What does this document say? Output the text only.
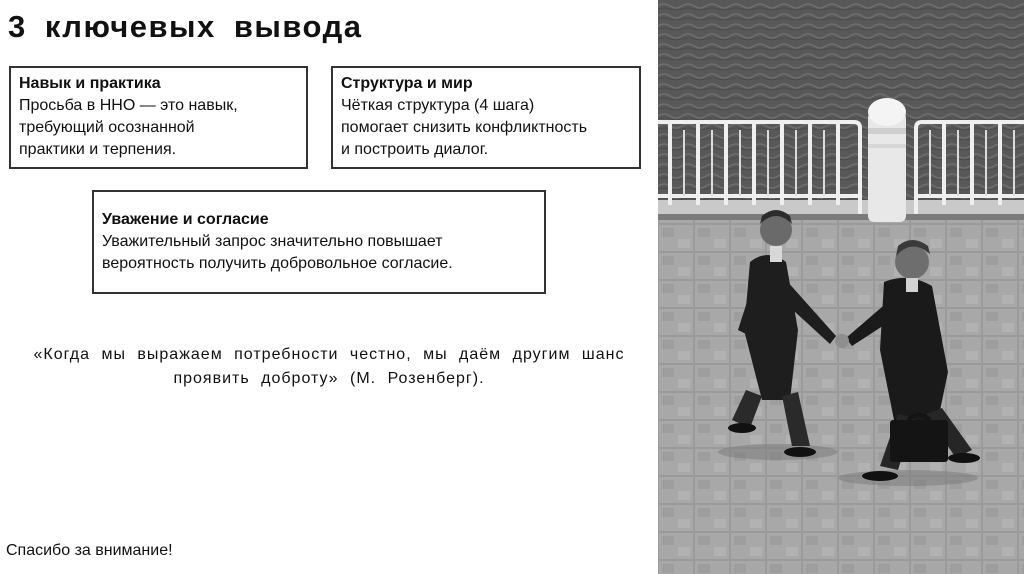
3 ключевых вывода
Навык и практика
Просьба в ННО — это навык,
требующий осознанной
практики и терпения.
Структура и мир
Чёткая структура (4 шага)
помогает снизить конфликтность
и построить диалог.
Уважение и согласие
Уважительный запрос значительно повышает
вероятность получить добровольное согласие.
«Когда мы выражаем потребности честно, мы даём другим шанс
проявить доброту» (М. Розенберг).
Спасибо за внимание!
